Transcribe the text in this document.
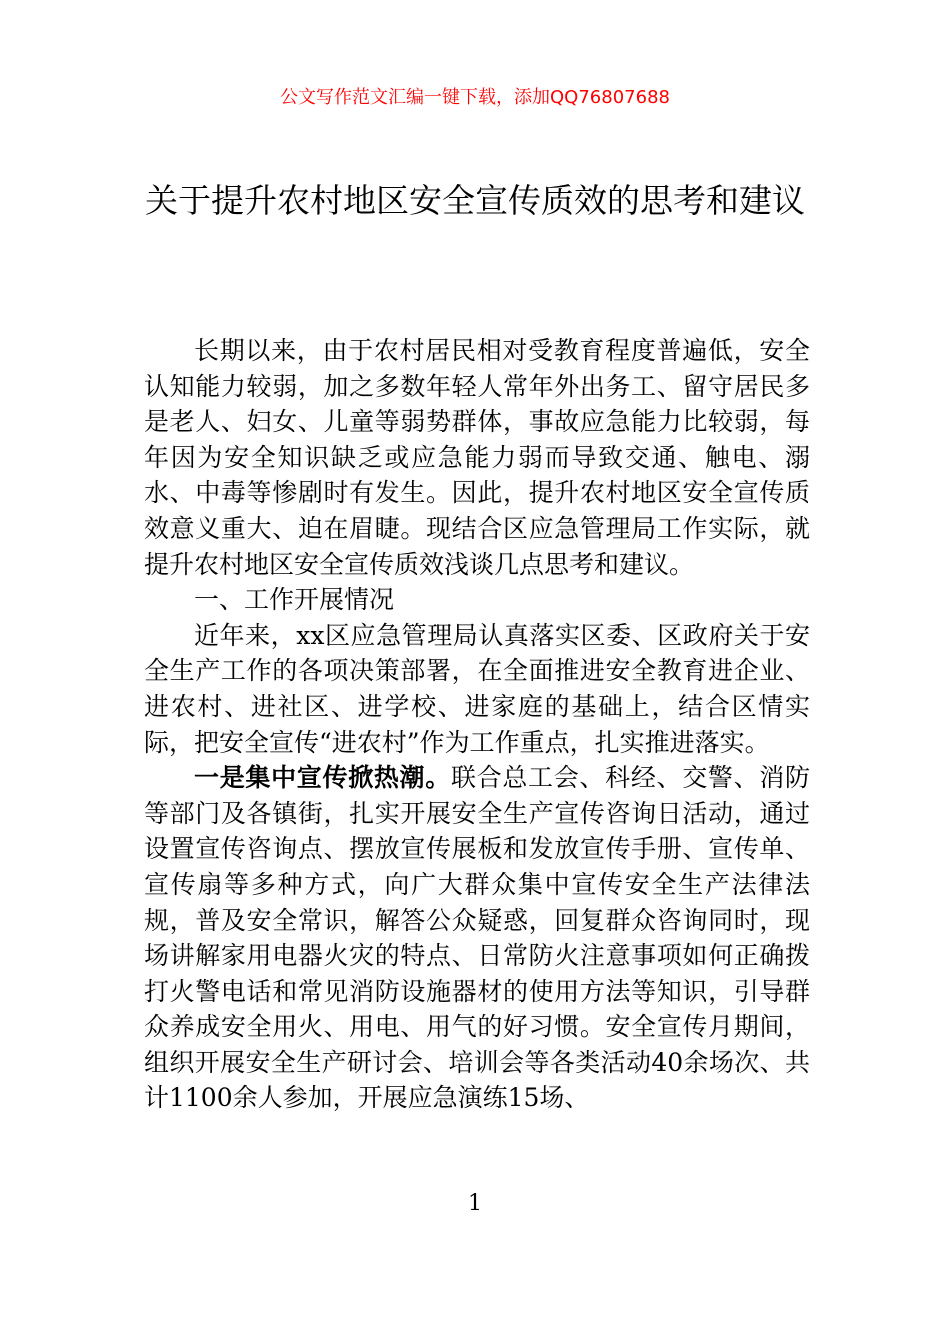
公文写作范文汇编一键下载，添加QQ76807688
关于提升农村地区安全宣传质效的思考和建议

长期以来，由于农村居民相对受教育程度普遍低，安全认知能力较弱，加之多数年轻人常年外出务工、留守居民多是老人、妇女、儿童等弱势群体，事故应急能力比较弱，每年因为安全知识缺乏或应急能力弱而导致交通、触电、溺水、中毒等惨剧时有发生。因此，提升农村地区安全宣传质效意义重大、迫在眉睫。现结合区应急管理局工作实际，就提升农村地区安全宣传质效浅谈几点思考和建议。

一、工作开展情况

近年来，xx区应急管理局认真落实区委、区政府关于安全生产工作的各项决策部署，在全面推进安全教育进企业、进农村、进社区、进学校、进家庭的基础上，结合区情实际，把安全宣传“进农村”作为工作重点，扎实推进落实。

一是集中宣传掀热潮。联合总工会、科经、交警、消防等部门及各镇街，扎实开展安全生产宣传咨询日活动，通过设置宣传咨询点、摆放宣传展板和发放宣传手册、宣传单、宣传扇等多种方式，向广大群众集中宣传安全生产法律法规，普及安全常识，解答公众疑惑，回复群众咨询同时，现场讲解家用电器火灾的特点、日常防火注意事项如何正确拨打火警电话和常见消防设施器材的使用方法等知识，引导群众养成安全用火、用电、用气的好习惯。安全宣传月期间，组织开展安全生产研讨会、培训会等各类活动40余场次、共计1100余人参加，开展应急演练15场、

1
